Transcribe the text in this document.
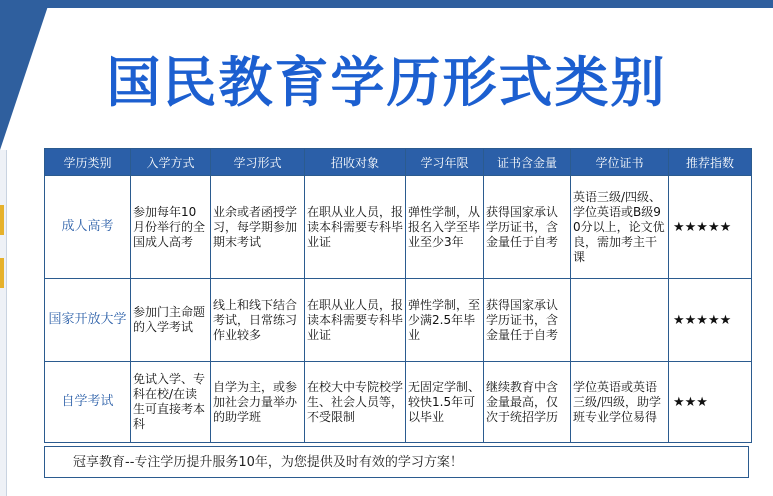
国民教育学历形式类别
学历类别	入学方式	学习形式	招收对象	学习年限	证书含金量	学位证书	推荐指数
成人高考	参加每年10月份举行的全国成人高考	业余或者函授学习，每学期参加期末考试	在职从业人员，报读本科需要专科毕业证	弹性学制，从报名入学至毕业至少3年	获得国家承认学历证书，含金量任于自考	英语三级/四级、学位英语或B级90分以上，论文优良，需加考主干课	★★★★★
国家开放大学	参加门主命题的入学考试	线上和线下结合考试，日常练习作业较多	在职从业人员，报读本科需要专科毕业证	弹性学制，至少满2.5年毕业	获得国家承认学历证书，含金量任于自考		★★★★★
自学考试	免试入学、专科在校/在读生可直接考本科	自学为主，或参加社会力量举办的助学班	在校大中专院校学生、社会人员等，不受限制	无固定学制、较快1.5年可以毕业	继续教育中含金量最高，仅次于统招学历	学位英语或英语三级/四级，助学班专业学位易得	★★★
冠享教育--专注学历提升服务10年，为您提供及时有效的学习方案！
